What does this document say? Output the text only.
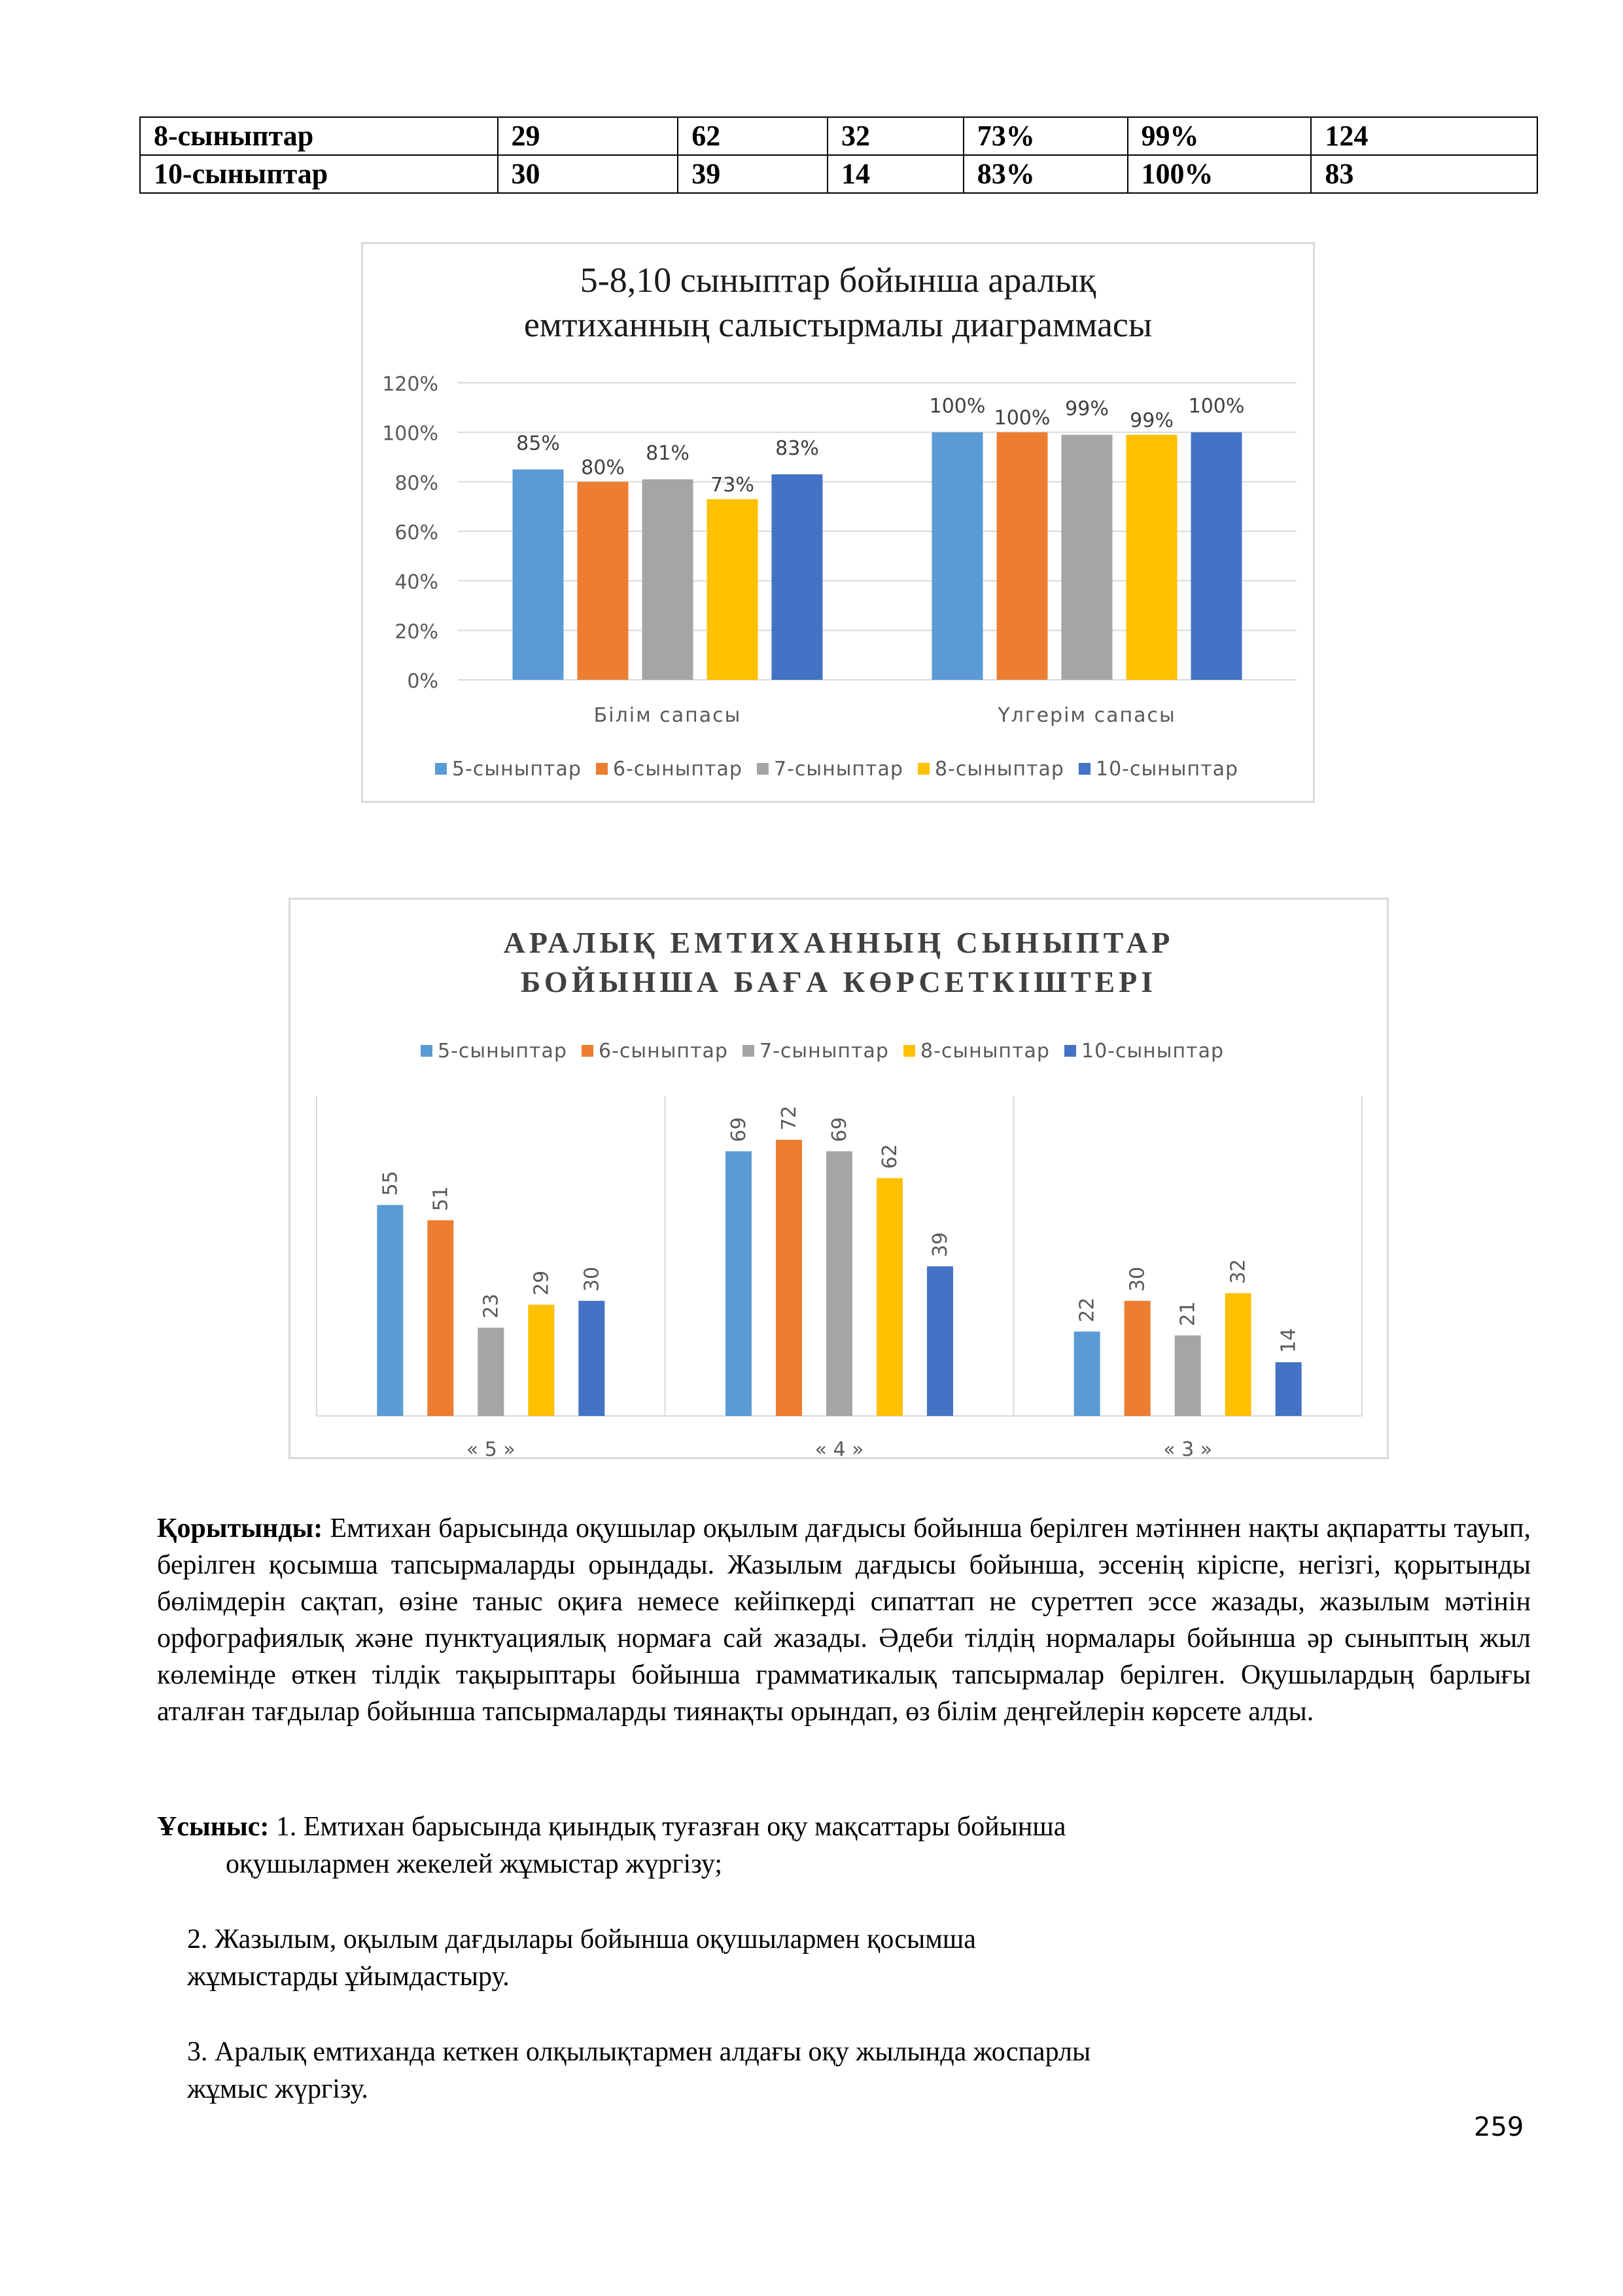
8-сыныптар	29	62	32	73%	99%	124
10-сыныптар	30	39	14	83%	100%	83
5-8,10 сыныптар бойынша аралық
емтиханның салыстырмалы диаграммасы
0%
20%
40%
60%
80%
100%
120%
85%
80%
81%
73%
83%
Білім сапасы
100%
100% 99%
99%
100%
Үлгерім сапасы
5-сыныптар 6-сыныптар 7-сыныптар 8-сыныптар 10-сыныптар
АРАЛЫҚ ЕМТИХАННЫҢ СЫНЫПТАР
БОЙЫНША БАҒА КӨРСЕТКІШТЕРІ
55
51
23
29 30
« 5 »
69 72 69
62
39
« 4 »
22
30
21
32
14
« 3 »
5-сыныптар 6-сыныптар 7-сыныптар 8-сыныптар 10-сыныптар
Қорытынды: Емтихан барысында оқушылар оқылым дағдысы бойынша берілген мәтіннен нақты ақпаратты тауып, берілген қосымша тапсырмаларды орындады. Жазылым дағдысы бойынша, эссенің кіріспе, негізгі, қорытынды бөлімдерін сақтап, өзіне таныс оқиға немесе кейіпкерді сипаттап не суреттеп эссе жазады, жазылым мәтінін орфографиялық және пунктуациялық нормаға сай жазады. Әдеби тілдің нормалары бойынша әр сыныптың жыл көлемінде өткен тілдік тақырыптары бойынша грамматикалық тапсырмалар берілген. Оқушылардың барлығы аталған тағдылар бойынша тапсырмаларды тиянақты орындап, өз білім деңгейлерін көрсете алды.
Ұсыныс: 1. Емтихан барысында қиындық туғазған оқу мақсаттары бойынша
оқушылармен жекелей жұмыстар жүргізу;
2. Жазылым, оқылым дағдылары бойынша оқушылармен қосымша
жұмыстарды ұйымдастыру.
3. Аралық емтиханда кеткен олқылықтармен алдағы оқу жылында жоспарлы
жұмыс жүргізу.
259
